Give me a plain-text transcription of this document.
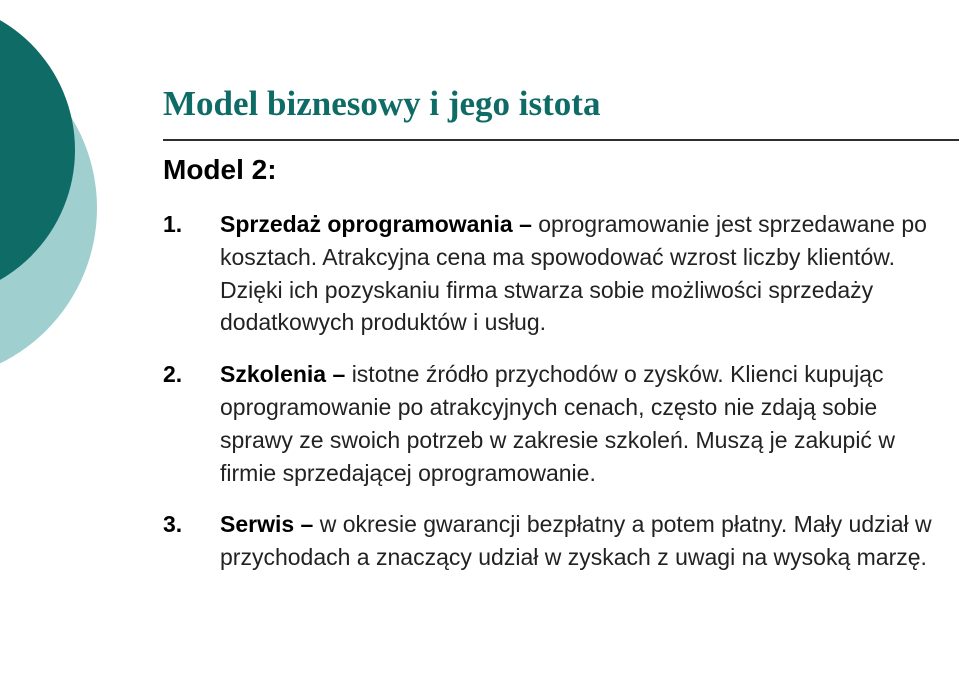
Model biznesowy i jego istota
Model 2:
1. Sprzedaż oprogramowania – oprogramowanie jest sprzedawane po kosztach. Atrakcyjna cena ma spowodować wzrost liczby klientów. Dzięki ich pozyskaniu firma stwarza sobie możliwości sprzedaży dodatkowych produktów i usług.
2. Szkolenia – istotne źródło przychodów o zysków. Klienci kupując oprogramowanie po atrakcyjnych cenach, często nie zdają sobie sprawy ze swoich potrzeb w zakresie szkoleń. Muszą je zakupić w firmie sprzedającej oprogramowanie.
3. Serwis – w okresie gwarancji bezpłatny a potem płatny. Mały udział w przychodach a znaczący udział w zyskach z uwagi na wysoką marzę.
